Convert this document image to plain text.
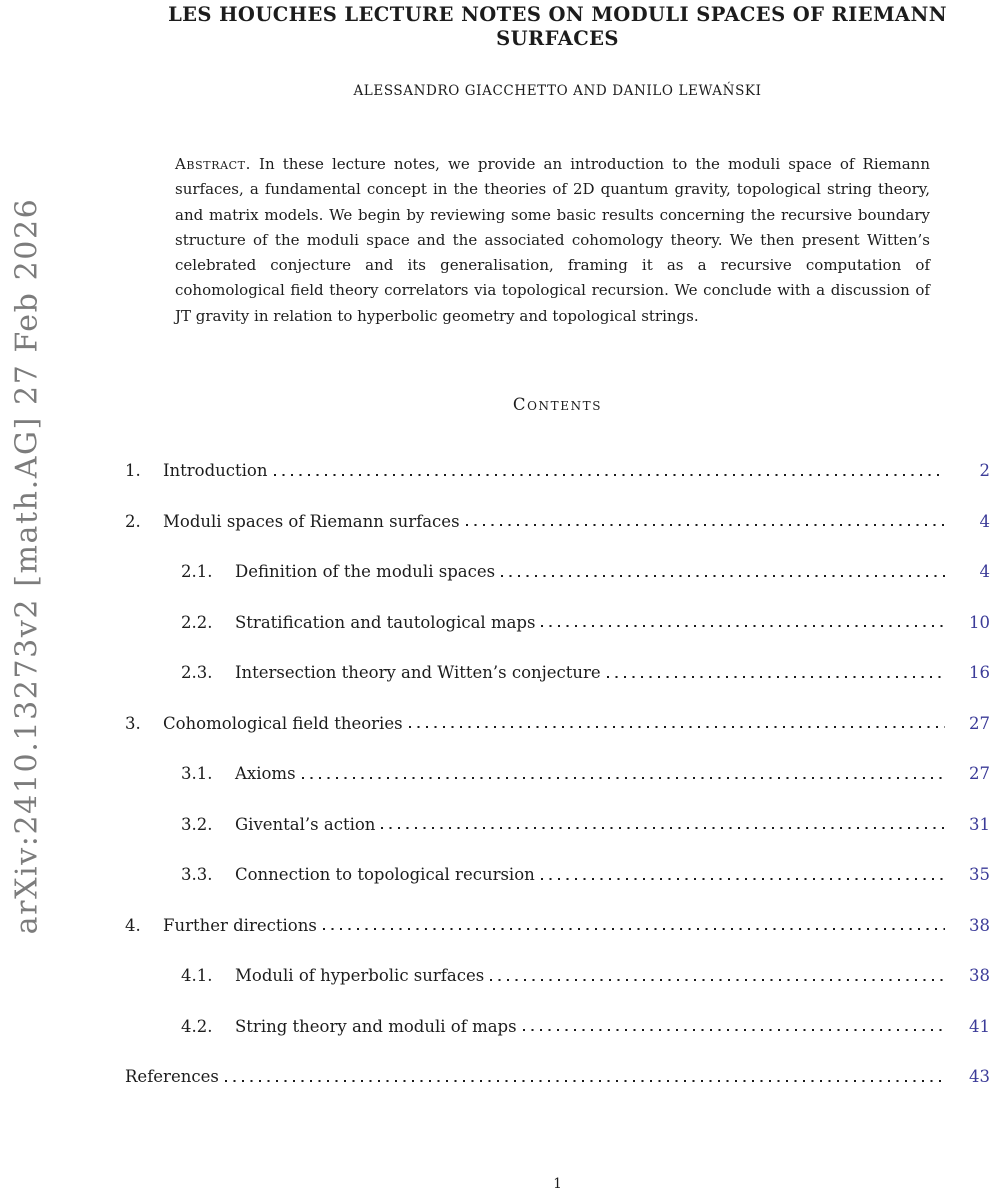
arXiv:2410.13273v2 [math.AG] 27 Feb 2026
LES HOUCHES LECTURE NOTES ON MODULI SPACES OF RIEMANN SURFACES
ALESSANDRO GIACCHETTO AND DANILO LEWAŃSKI

Abstract. In these lecture notes, we provide an introduction to the moduli space of Riemann surfaces, a fundamental concept in the theories of 2D quantum gravity, topological string theory, and matrix models. We begin by reviewing some basic results concerning the recursive boundary structure of the moduli space and the associated cohomology theory. We then present Witten’s celebrated conjecture and its generalisation, framing it as a recursive computation of cohomological field theory correlators via topological recursion. We conclude with a discussion of JT gravity in relation to hyperbolic geometry and topological strings.

Contents
1.	Introduction	2
2.	Moduli spaces of Riemann surfaces	4
2.1.	Definition of the moduli spaces	4
2.2.	Stratification and tautological maps	10
2.3.	Intersection theory and Witten’s conjecture	16
3.	Cohomological field theories	27
3.1.	Axioms	27
3.2.	Givental’s action	31
3.3.	Connection to topological recursion	35
4.	Further directions	38
4.1.	Moduli of hyperbolic surfaces	38
4.2.	String theory and moduli of maps	41
References	43
1
